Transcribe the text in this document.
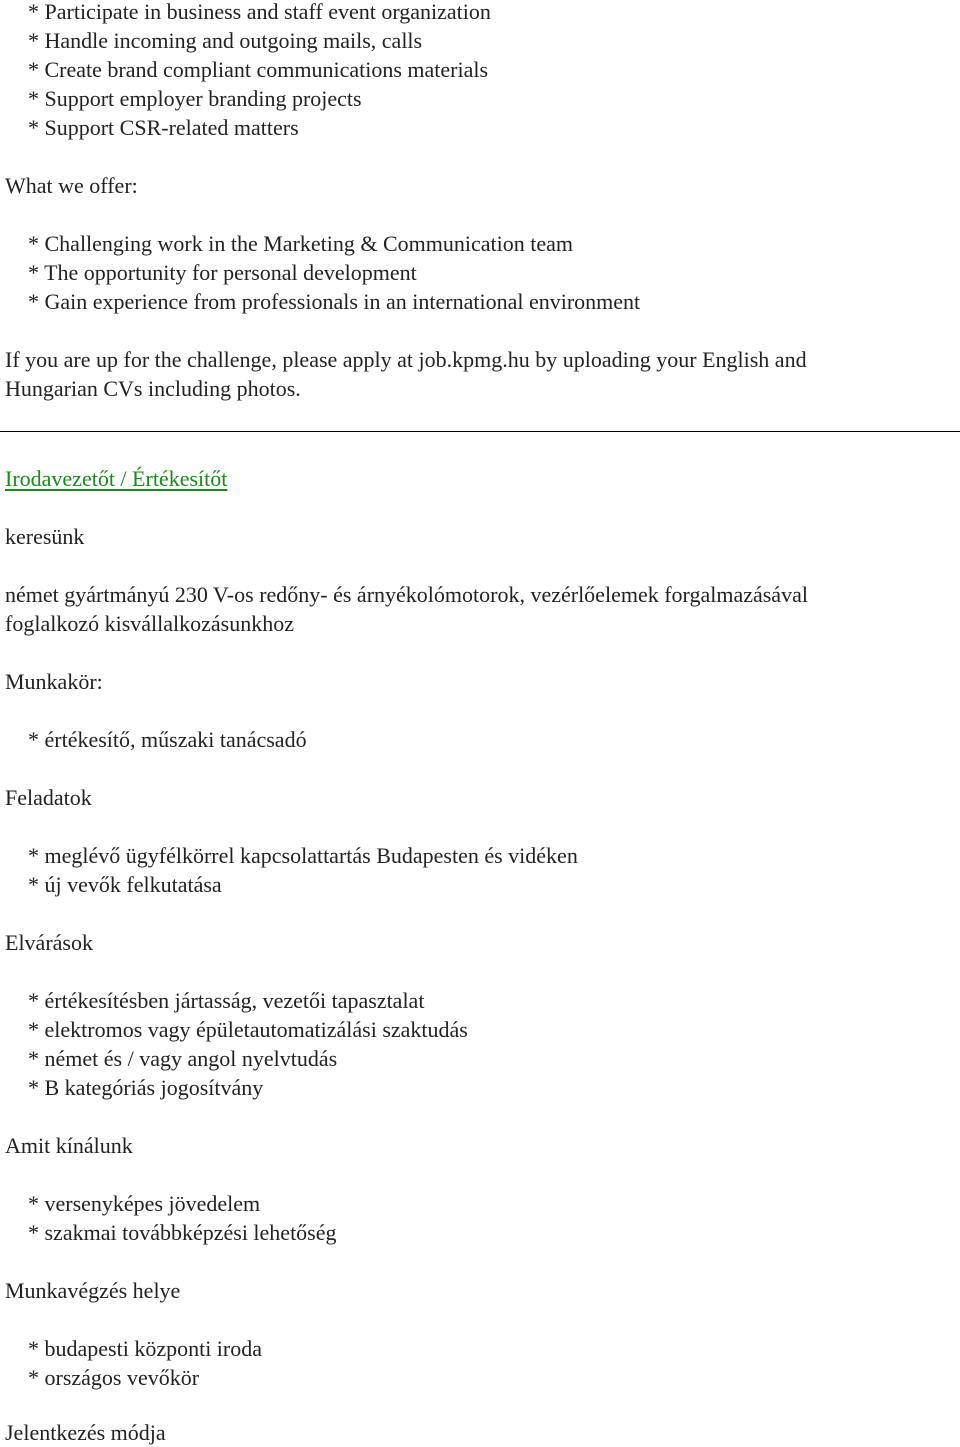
* Participate in business and staff event organization
* Handle incoming and outgoing mails, calls
* Create brand compliant communications materials
* Support employer branding projects
* Support CSR-related matters
What we offer:
* Challenging work in the Marketing & Communication team
* The opportunity for personal development
* Gain experience from professionals in an international environment
If you are up for the challenge, please apply at job.kpmg.hu by uploading your English and
Hungarian CVs including photos.
Irodavezetőt / Értékesítőt
keresünk
német gyártmányú 230 V-os redőny- és árnyékolómotorok, vezérlőelemek forgalmazásával
foglalkozó kisvállalkozásunkhoz
Munkakör:
* értékesítő, műszaki tanácsadó
Feladatok
* meglévő ügyfélkörrel kapcsolattartás Budapesten és vidéken
* új vevők felkutatása
Elvárások
* értékesítésben jártasság, vezetői tapasztalat
* elektromos vagy épületautomatizálási szaktudás
* német és / vagy angol nyelvtudás
* B kategóriás jogosítvány
Amit kínálunk
* versenyképes jövedelem
* szakmai továbbképzési lehetőség
Munkavégzés helye
* budapesti központi iroda
* országos vevőkör
Jelentkezés módja
